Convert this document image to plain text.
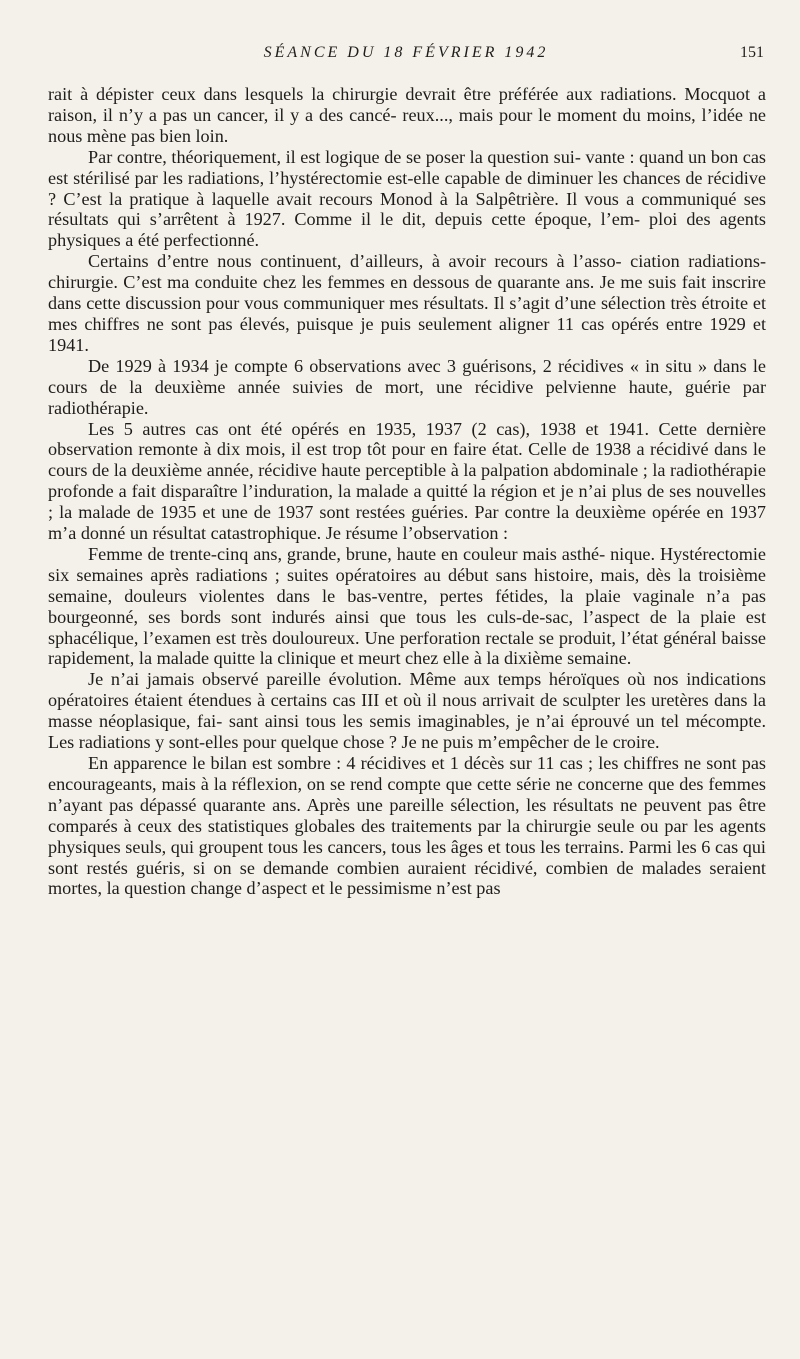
SÉANCE DU 18 FÉVRIER 1942	151

rait à dépister ceux dans lesquels la chirurgie devrait être préférée aux radiations. Mocquot a raison, il n’y a pas un cancer, il y a des cancé- reux..., mais pour le moment du moins, l’idée ne nous mène pas bien loin.

Par contre, théoriquement, il est logique de se poser la question sui- vante : quand un bon cas est stérilisé par les radiations, l’hystérectomie est-elle capable de diminuer les chances de récidive ? C’est la pratique à laquelle avait recours Monod à la Salpêtrière. Il vous a communiqué ses résultats qui s’arrêtent à 1927. Comme il le dit, depuis cette époque, l’em- ploi des agents physiques a été perfectionné.

Certains d’entre nous continuent, d’ailleurs, à avoir recours à l’asso- ciation radiations-chirurgie. C’est ma conduite chez les femmes en dessous de quarante ans. Je me suis fait inscrire dans cette discussion pour vous communiquer mes résultats. Il s’agit d’une sélection très étroite et mes chiffres ne sont pas élevés, puisque je puis seulement aligner 11 cas opérés entre 1929 et 1941.

De 1929 à 1934 je compte 6 observations avec 3 guérisons, 2 récidives « in situ » dans le cours de la deuxième année suivies de mort, une récidive pelvienne haute, guérie par radiothérapie.

Les 5 autres cas ont été opérés en 1935, 1937 (2 cas), 1938 et 1941. Cette dernière observation remonte à dix mois, il est trop tôt pour en faire état. Celle de 1938 a récidivé dans le cours de la deuxième année, récidive haute perceptible à la palpation abdominale ; la radiothérapie profonde a fait disparaître l’induration, la malade a quitté la région et je n’ai plus de ses nouvelles ; la malade de 1935 et une de 1937 sont restées guéries. Par contre la deuxième opérée en 1937 m’a donné un résultat catastrophique. Je résume l’observation :

Femme de trente-cinq ans, grande, brune, haute en couleur mais asthé- nique. Hystérectomie six semaines après radiations ; suites opératoires au début sans histoire, mais, dès la troisième semaine, douleurs violentes dans le bas-ventre, pertes fétides, la plaie vaginale n’a pas bourgeonné, ses bords sont indurés ainsi que tous les culs-de-sac, l’aspect de la plaie est sphacélique, l’examen est très douloureux. Une perforation rectale se produit, l’état général baisse rapidement, la malade quitte la clinique et meurt chez elle à la dixième semaine.

Je n’ai jamais observé pareille évolution. Même aux temps héroïques où nos indications opératoires étaient étendues à certains cas III et où il nous arrivait de sculpter les uretères dans la masse néoplasique, fai- sant ainsi tous les semis imaginables, je n’ai éprouvé un tel mécompte. Les radiations y sont-elles pour quelque chose ? Je ne puis m’empêcher de le croire.

En apparence le bilan est sombre : 4 récidives et 1 décès sur 11 cas ; les chiffres ne sont pas encourageants, mais à la réflexion, on se rend compte que cette série ne concerne que des femmes n’ayant pas dépassé quarante ans. Après une pareille sélection, les résultats ne peuvent pas être comparés à ceux des statistiques globales des traitements par la chirurgie seule ou par les agents physiques seuls, qui groupent tous les cancers, tous les âges et tous les terrains. Parmi les 6 cas qui sont restés guéris, si on se demande combien auraient récidivé, combien de malades seraient mortes, la question change d’aspect et le pessimisme n’est pas
